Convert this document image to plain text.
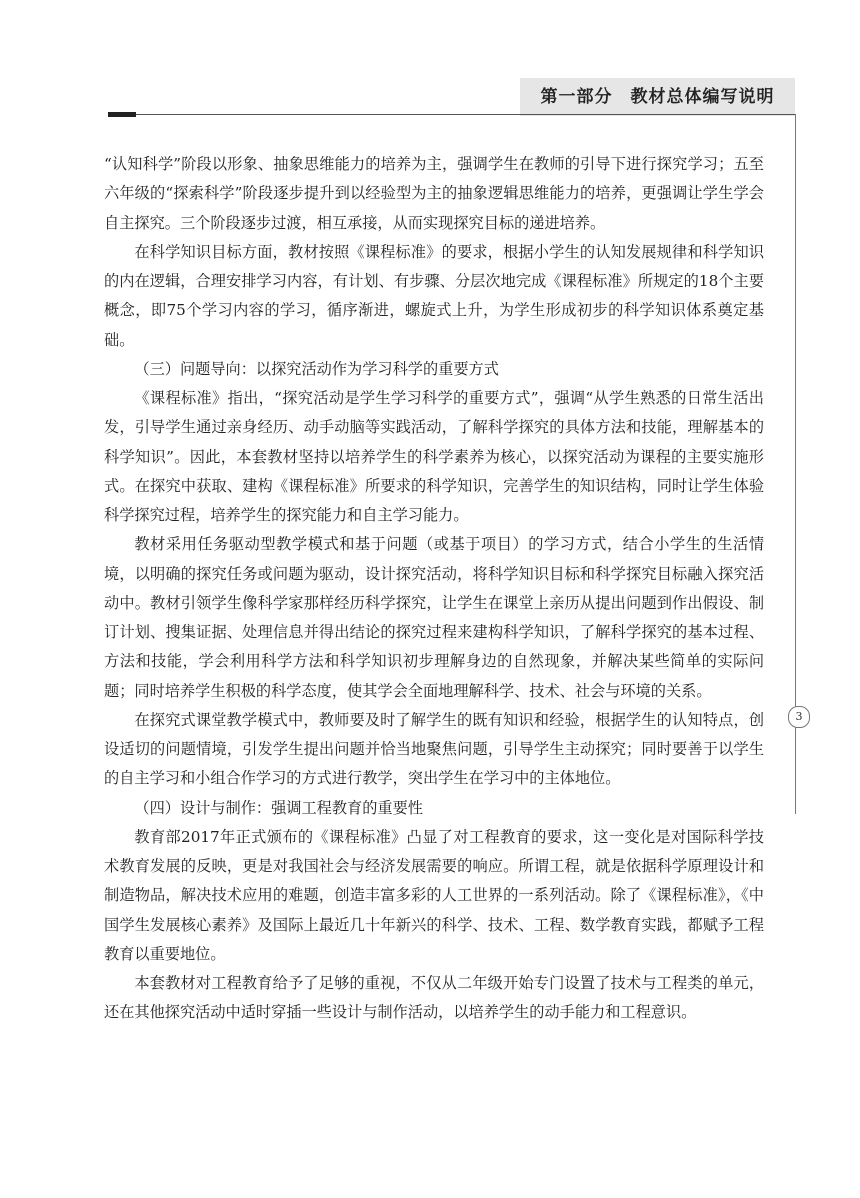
第一部分　教材总体编写说明
3

“认知科学”阶段以形象、抽象思维能力的培养为主，强调学生在教师的引导下进行探究学习；五至六年级的“探索科学”阶段逐步提升到以经验型为主的抽象逻辑思维能力的培养，更强调让学生学会自主探究。三个阶段逐步过渡，相互承接，从而实现探究目标的递进培养。

在科学知识目标方面，教材按照《课程标准》的要求，根据小学生的认知发展规律和科学知识的内在逻辑，合理安排学习内容，有计划、有步骤、分层次地完成《课程标准》所规定的18个主要概念，即75个学习内容的学习，循序渐进，螺旋式上升，为学生形成初步的科学知识体系奠定基础。

（三）问题导向：以探究活动作为学习科学的重要方式

《课程标准》指出，“探究活动是学生学习科学的重要方式”，强调“从学生熟悉的日常生活出发，引导学生通过亲身经历、动手动脑等实践活动，了解科学探究的具体方法和技能，理解基本的科学知识”。因此，本套教材坚持以培养学生的科学素养为核心，以探究活动为课程的主要实施形式。在探究中获取、建构《课程标准》所要求的科学知识，完善学生的知识结构，同时让学生体验科学探究过程，培养学生的探究能力和自主学习能力。

教材采用任务驱动型教学模式和基于问题（或基于项目）的学习方式，结合小学生的生活情境，以明确的探究任务或问题为驱动，设计探究活动，将科学知识目标和科学探究目标融入探究活动中。教材引领学生像科学家那样经历科学探究，让学生在课堂上亲历从提出问题到作出假设、制订计划、搜集证据、处理信息并得出结论的探究过程来建构科学知识，了解科学探究的基本过程、方法和技能，学会利用科学方法和科学知识初步理解身边的自然现象，并解决某些简单的实际问题；同时培养学生积极的科学态度，使其学会全面地理解科学、技术、社会与环境的关系。

在探究式课堂教学模式中，教师要及时了解学生的既有知识和经验，根据学生的认知特点，创设适切的问题情境，引发学生提出问题并恰当地聚焦问题，引导学生主动探究；同时要善于以学生的自主学习和小组合作学习的方式进行教学，突出学生在学习中的主体地位。

（四）设计与制作：强调工程教育的重要性

教育部2017年正式颁布的《课程标准》凸显了对工程教育的要求，这一变化是对国际科学技术教育发展的反映，更是对我国社会与经济发展需要的响应。所谓工程，就是依据科学原理设计和制造物品，解决技术应用的难题，创造丰富多彩的人工世界的一系列活动。除了《课程标准》，《中国学生发展核心素养》及国际上最近几十年新兴的科学、技术、工程、数学教育实践，都赋予工程教育以重要地位。

本套教材对工程教育给予了足够的重视，不仅从二年级开始专门设置了技术与工程类的单元，还在其他探究活动中适时穿插一些设计与制作活动，以培养学生的动手能力和工程意识。
